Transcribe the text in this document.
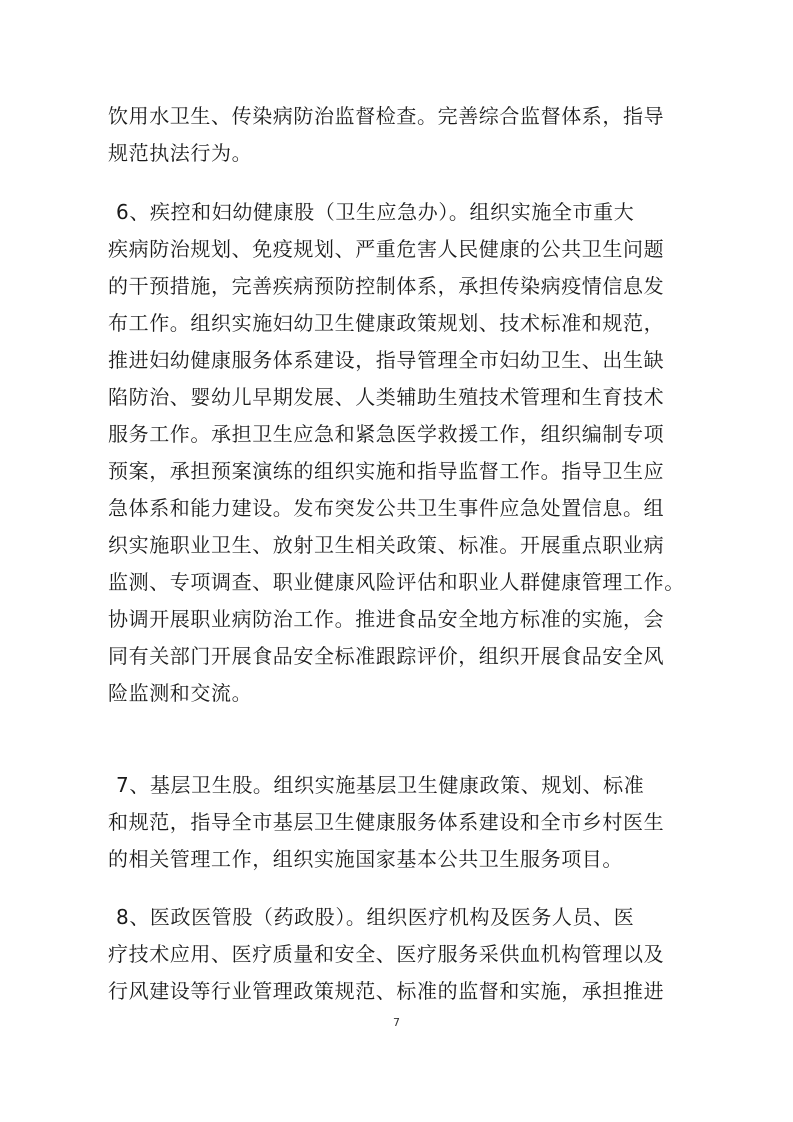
饮用水卫生、传染病防治监督检查。完善综合监督体系，指导
规范执法行为。

6、疾控和妇幼健康股（卫生应急办）。组织实施全市重大
疾病防治规划、免疫规划、严重危害人民健康的公共卫生问题
的干预措施，完善疾病预防控制体系，承担传染病疫情信息发
布工作。组织实施妇幼卫生健康政策规划、技术标准和规范，
推进妇幼健康服务体系建设，指导管理全市妇幼卫生、出生缺
陷防治、婴幼儿早期发展、人类辅助生殖技术管理和生育技术
服务工作。承担卫生应急和紧急医学救援工作，组织编制专项
预案，承担预案演练的组织实施和指导监督工作。指导卫生应
急体系和能力建设。发布突发公共卫生事件应急处置信息。组
织实施职业卫生、放射卫生相关政策、标准。开展重点职业病
监测、专项调查、职业健康风险评估和职业人群健康管理工作。
协调开展职业病防治工作。推进食品安全地方标准的实施，会
同有关部门开展食品安全标准跟踪评价，组织开展食品安全风
险监测和交流。

7、基层卫生股。组织实施基层卫生健康政策、规划、标准
和规范，指导全市基层卫生健康服务体系建设和全市乡村医生
的相关管理工作，组织实施国家基本公共卫生服务项目。

8、医政医管股（药政股）。组织医疗机构及医务人员、医
疗技术应用、医疗质量和安全、医疗服务采供血机构管理以及
行风建设等行业管理政策规范、标准的监督和实施，承担推进

7
